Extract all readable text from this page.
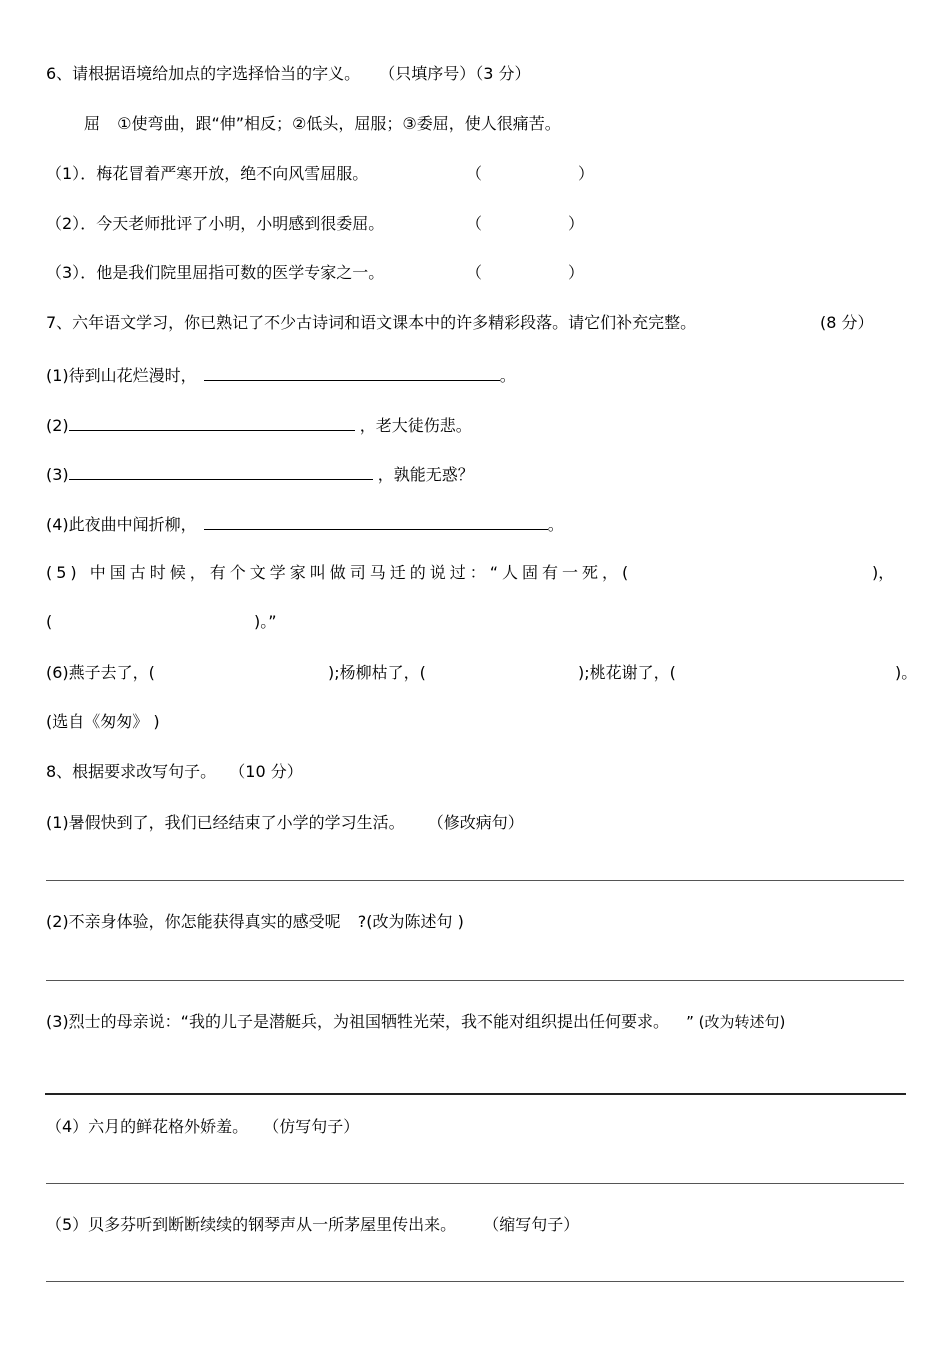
6、请根据语境给加点的字选择恰当的字义。 （只填序号）（3 分）
屈 ①使弯曲，跟“伸”相反；②低头，屈服；③委屈，使人很痛苦。
（1）．梅花冒着严寒开放，绝不向风雪屈服。	（	）
（2）．今天老师批评了小明，小明感到很委屈。	（	）
（3）．他是我们院里屈指可数的医学专家之一。	（	）
7、六年语文学习，你已熟记了不少古诗词和语文课本中的许多精彩段落。请它们补充完整。	(8 分）
(1)待到山花烂漫时，	。
(2)	，老大徒伤悲。
(3)	，孰能无惑？
(4)此夜曲中闻折柳，	。
(5) 中国古时候，有个文学家叫做司马迁的说过：“人固有一死，(	)，
(	)。”
(6)燕子去了，(	);杨柳枯了，(	);桃花谢了，(	)。
(选自《匆匆》 )
8、根据要求改写句子。 （10 分）
(1)暑假快到了，我们已经结束了小学的学习生活。 （修改病句）
(2)不亲身体验，你怎能获得真实的感受呢 ?(改为陈述句 )
(3)烈士的母亲说：“我的儿子是潜艇兵，为祖国牺牲光荣，我不能对组织提出任何要求。 ” (改为转述句)
（4）六月的鲜花格外娇羞。 （仿写句子）
（5）贝多芬听到断断续续的钢琴声从一所茅屋里传出来。 （缩写句子）
